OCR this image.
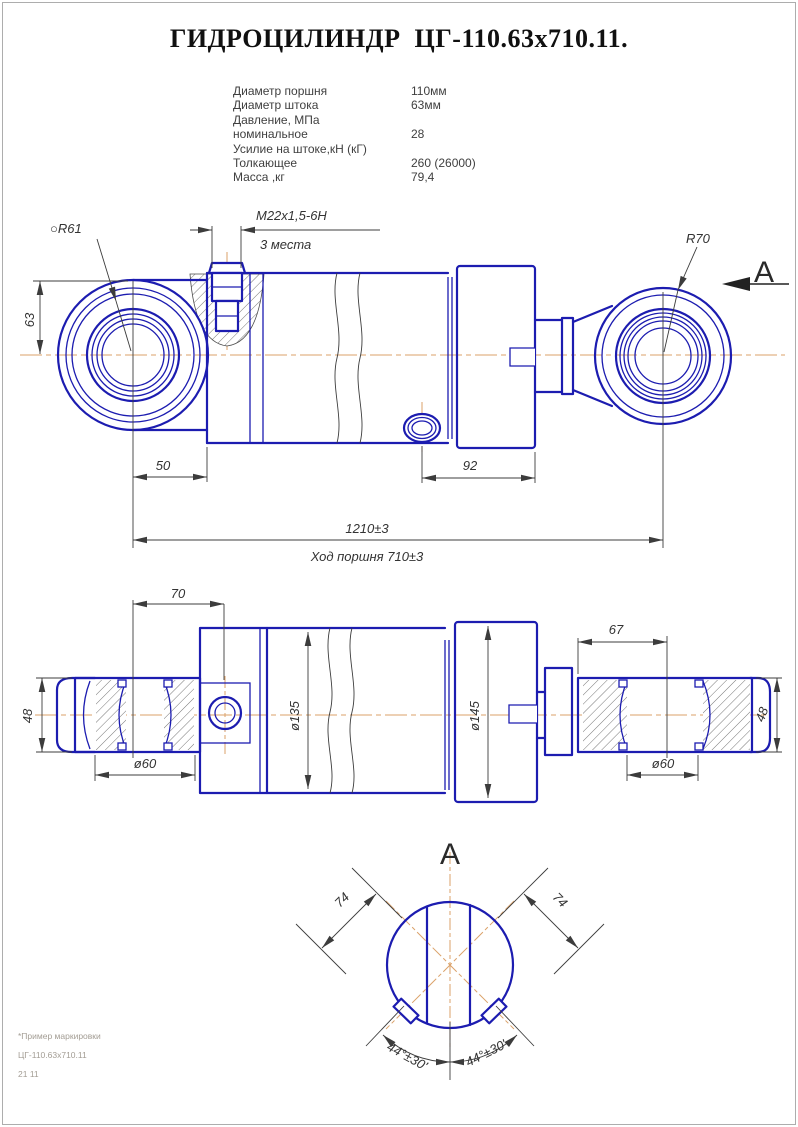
ГИДРОЦИЛИНДР  ЦГ-110.63х710.11.
Диаметр поршня	110мм
Диаметр штока	63мм
Давление, МПа
номинальное	28
Усилие на штоке,кН (кГ)
Толкающее	260 (26000)
Масса ,кг	79,4
○R61
М22х1,5-6Н
3 места	R70
А
63
50	92
1210±3
Ход поршня 710±3
70
67
48	48
ø60	ø60
ø135	ø145
А
74	74
44°±30'	44°±30'
*Пример маркировки
ЦГ-110.63х710.11
21 11
